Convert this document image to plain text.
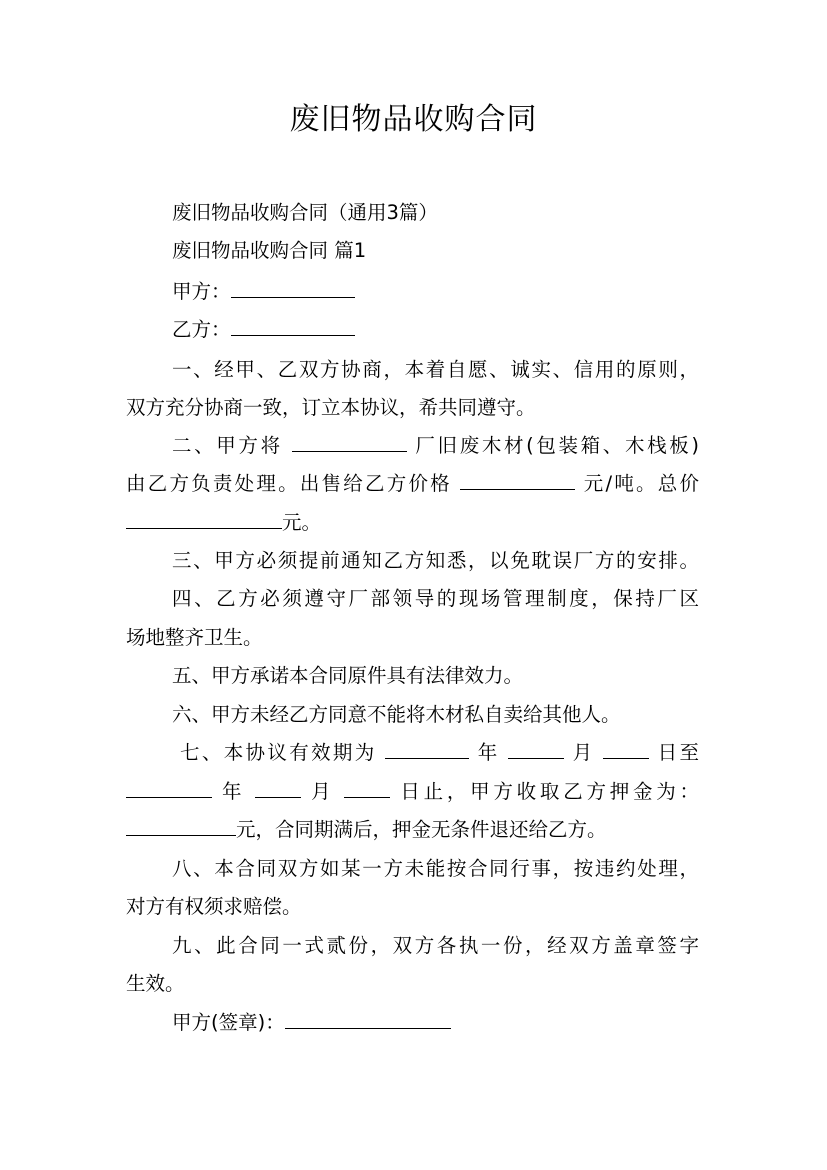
废旧物品收购合同
废旧物品收购合同（通用3篇）
废旧物品收购合同 篇1
甲方：
乙方：
一、经甲、乙双方协商，本着自愿、诚实、信用的原则，
双方充分协商一致，订立本协议，希共同遵守。
二、甲方将	厂旧废木材(包装箱、木栈板)
由乙方负责处理。出售给乙方价格	元/吨。总价
元。
三、甲方必须提前通知乙方知悉，以免耽误厂方的安排。
四、乙方必须遵守厂部领导的现场管理制度，保持厂区
场地整齐卫生。
五、甲方承诺本合同原件具有法律效力。
六、甲方未经乙方同意不能将木材私自卖给其他人。
七、本协议有效期为	年	月	日至
年	月	日止，甲方收取乙方押金为：
元，合同期满后，押金无条件退还给乙方。
八、本合同双方如某一方未能按合同行事，按违约处理，
对方有权须求赔偿。
九、此合同一式贰份，双方各执一份，经双方盖章签字
生效。
甲方(签章)：
